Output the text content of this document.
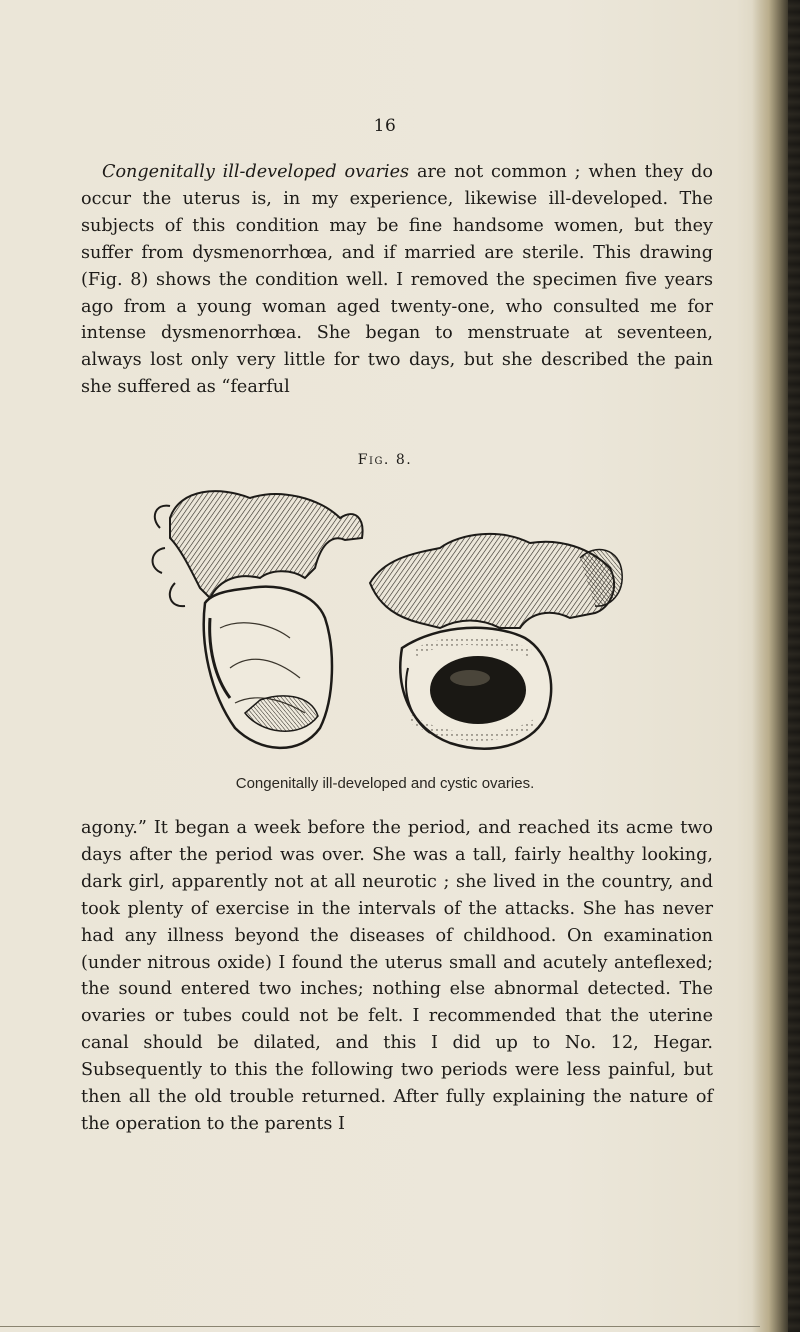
16

Congenitally ill-developed ovaries are not common ; when they do occur the uterus is, in my experience, likewise ill-developed. The subjects of this condition may be fine handsome women, but they suffer from dysmenorrhœa, and if married are sterile. This drawing (Fig. 8) shows the condition well. I removed the specimen five years ago from a young woman aged twenty-one, who consulted me for intense dysmenorrhœa. She began to menstruate at seventeen, always lost only very little for two days, but she described the pain she suffered as “fearful

Fig. 8.
Congenitally ill-developed and cystic ovaries.

agony.” It began a week before the period, and reached its acme two days after the period was over. She was a tall, fairly healthy looking, dark girl, apparently not at all neurotic ; she lived in the country, and took plenty of exercise in the intervals of the attacks. She has never had any illness beyond the diseases of childhood. On examination (under nitrous oxide) I found the uterus small and acutely anteflexed; the sound entered two inches; nothing else abnormal detected. The ovaries or tubes could not be felt. I recommended that the uterine canal should be dilated, and this I did up to No. 12, Hegar. Subsequently to this the following two periods were less painful, but then all the old trouble returned. After fully explaining the nature of the operation to the parents I
